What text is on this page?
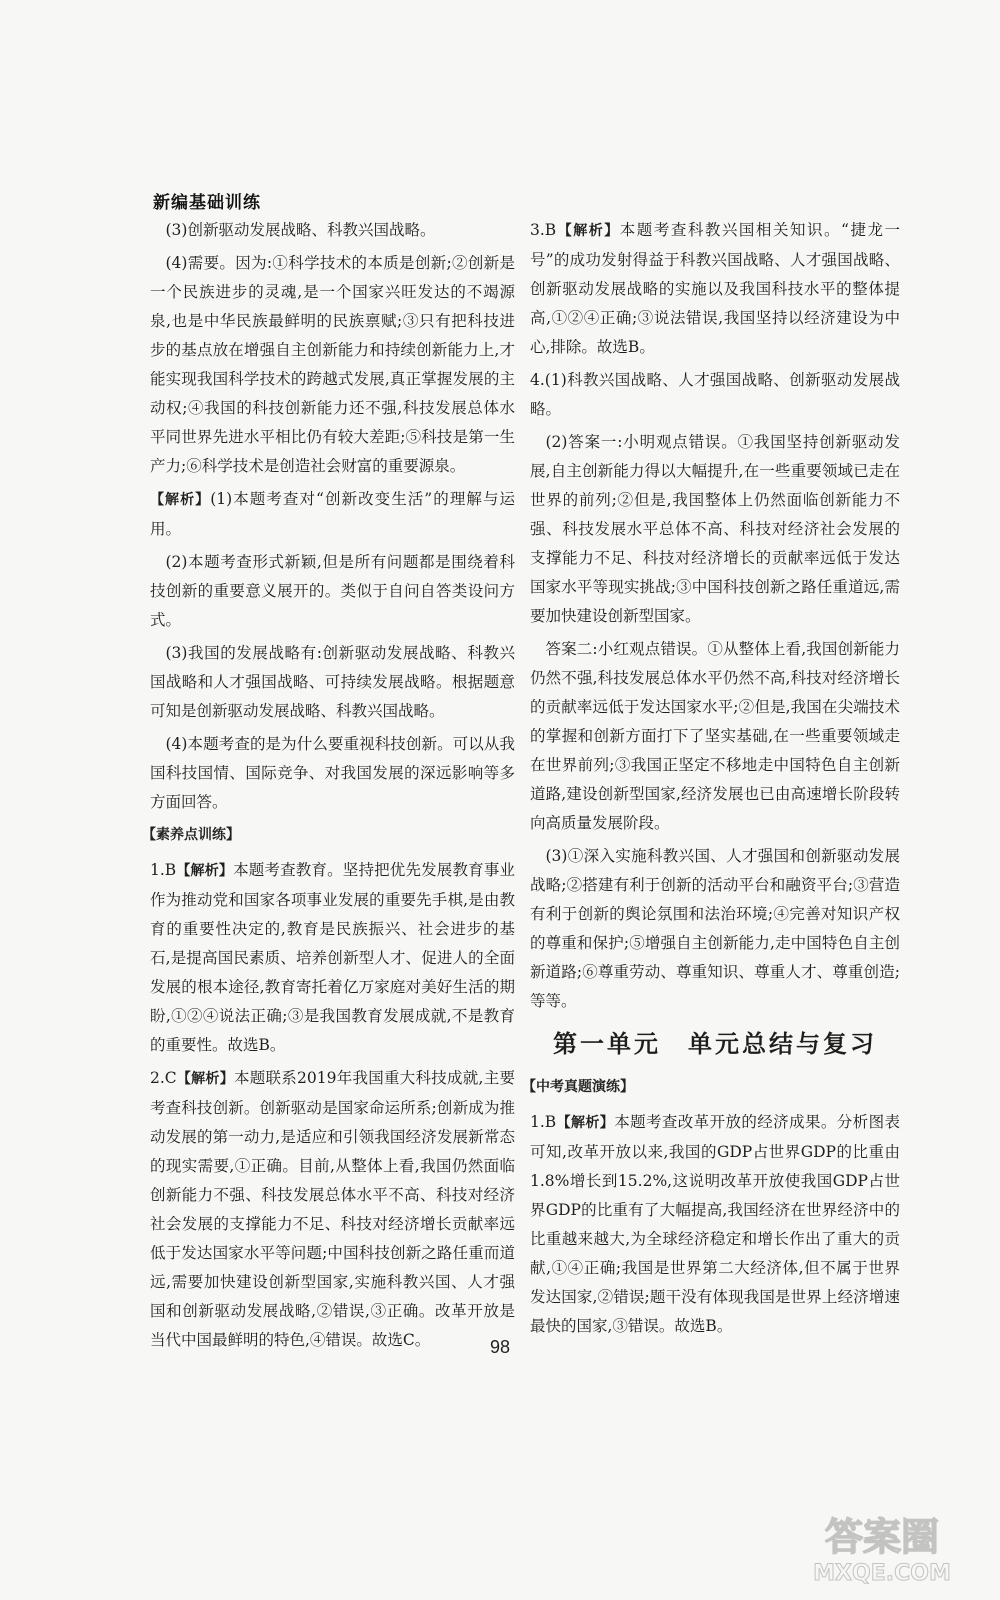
新编基础训练

(3)创新驱动发展战略、科教兴国战略。

(4)需要。因为:①科学技术的本质是创新;②创新是一个民族进步的灵魂,是一个国家兴旺发达的不竭源泉,也是中华民族最鲜明的民族禀赋;③只有把科技进步的基点放在增强自主创新能力和持续创新能力上,才能实现我国科学技术的跨越式发展,真正掌握发展的主动权;④我国的科技创新能力还不强,科技发展总体水平同世界先进水平相比仍有较大差距;⑤科技是第一生产力;⑥科学技术是创造社会财富的重要源泉。

【解析】(1)本题考查对“创新改变生活”的理解与运用。

(2)本题考查形式新颖,但是所有问题都是围绕着科技创新的重要意义展开的。类似于自问自答类设问方式。

(3)我国的发展战略有:创新驱动发展战略、科教兴国战略和人才强国战略、可持续发展战略。根据题意可知是创新驱动发展战略、科教兴国战略。

(4)本题考查的是为什么要重视科技创新。可以从我国科技国情、国际竞争、对我国发展的深远影响等多方面回答。

【素养点训练】

1.B【解析】本题考查教育。坚持把优先发展教育事业作为推动党和国家各项事业发展的重要先手棋,是由教育的重要性决定的,教育是民族振兴、社会进步的基石,是提高国民素质、培养创新型人才、促进人的全面发展的根本途径,教育寄托着亿万家庭对美好生活的期盼,①②④说法正确;③是我国教育发展成就,不是教育的重要性。故选B。

2.C【解析】本题联系2019年我国重大科技成就,主要考查科技创新。创新驱动是国家命运所系;创新成为推动发展的第一动力,是适应和引领我国经济发展新常态的现实需要,①正确。目前,从整体上看,我国仍然面临创新能力不强、科技发展总体水平不高、科技对经济社会发展的支撑能力不足、科技对经济增长贡献率远低于发达国家水平等问题;中国科技创新之路任重而道远,需要加快建设创新型国家,实施科教兴国、人才强国和创新驱动发展战略,②错误,③正确。改革开放是当代中国最鲜明的特色,④错误。故选C。

3.B【解析】本题考查科教兴国相关知识。“捷龙一号”的成功发射得益于科教兴国战略、人才强国战略、创新驱动发展战略的实施以及我国科技水平的整体提高,①②④正确;③说法错误,我国坚持以经济建设为中心,排除。故选B。

4.(1)科教兴国战略、人才强国战略、创新驱动发展战略。

(2)答案一:小明观点错误。①我国坚持创新驱动发展,自主创新能力得以大幅提升,在一些重要领域已走在世界的前列;②但是,我国整体上仍然面临创新能力不强、科技发展水平总体不高、科技对经济社会发展的支撑能力不足、科技对经济增长的贡献率远低于发达国家水平等现实挑战;③中国科技创新之路任重道远,需要加快建设创新型国家。

答案二:小红观点错误。①从整体上看,我国创新能力仍然不强,科技发展总体水平仍然不高,科技对经济增长的贡献率远低于发达国家水平;②但是,我国在尖端技术的掌握和创新方面打下了坚实基础,在一些重要领域走在世界前列;③我国正坚定不移地走中国特色自主创新道路,建设创新型国家,经济发展也已由高速增长阶段转向高质量发展阶段。

(3)①深入实施科教兴国、人才强国和创新驱动发展战略;②搭建有利于创新的活动平台和融资平台;③营造有利于创新的舆论氛围和法治环境;④完善对知识产权的尊重和保护;⑤增强自主创新能力,走中国特色自主创新道路;⑥尊重劳动、尊重知识、尊重人才、尊重创造;等等。

第一单元　单元总结与复习
【中考真题演练】

1.B【解析】本题考查改革开放的经济成果。分析图表可知,改革开放以来,我国的GDP占世界GDP的比重由1.8%增长到15.2%,这说明改革开放使我国GDP占世界GDP的比重有了大幅提高,我国经济在世界经济中的比重越来越大,为全球经济稳定和增长作出了重大的贡献,①④正确;我国是世界第二大经济体,但不属于世界发达国家,②错误;题干没有体现我国是世界上经济增速最快的国家,③错误。故选B。

98
答案圈
MXQE.COM
